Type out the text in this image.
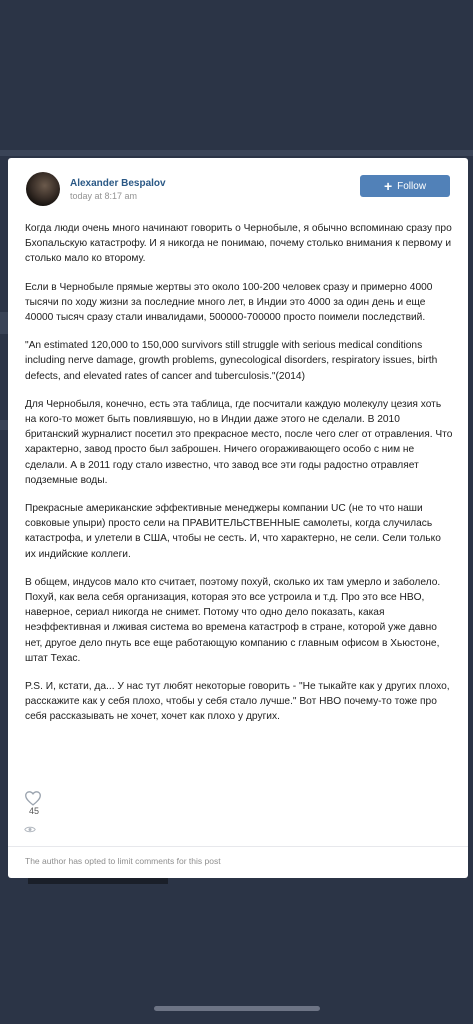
Alexander Bespalov
today at 8:17 am
+ Follow

Когда люди очень много начинают говорить о Чернобыле, я обычно вспоминаю сразу про Бхопальскую катастрофу. И я никогда не понимаю, почему столько внимания к первому и столько мало ко второму.

Если в Чернобыле прямые жертвы это около 100-200 человек сразу и примерно 4000 тысячи по ходу жизни за последние много лет, в Индии это 4000 за один день и еще 40000 тысяч сразу стали инвалидами, 500000-700000 просто поимели последствий.

"An estimated 120,000 to 150,000 survivors still struggle with serious medical conditions including nerve damage, growth problems, gynecological disorders, respiratory issues, birth defects, and elevated rates of cancer and tuberculosis."(2014)

Для Чернобыля, конечно, есть эта таблица, где посчитали каждую молекулу цезия хоть на кого-то может быть повлиявшую, но в Индии даже этого не сделали. В 2010 британский журналист посетил это прекрасное место, после чего слег от отравления. Что характерно, завод просто был заброшен. Ничего огораживающего особо с ним не сделали. А в 2011 году стало известно, что завод все эти годы радостно отравляет подземные воды.

Прекрасные американские эффективные менеджеры компании UC (не то что наши совковые упыри) просто сели на ПРАВИТЕЛЬСТВЕННЫЕ самолеты, когда случилась катастрофа, и улетели в США, чтобы не сесть. И, что характерно, не сели. Сели только их индийские коллеги.

В общем, индусов мало кто считает, поэтому похуй, сколько их там умерло и заболело. Похуй, как вела себя организация, которая это все устроила и т.д. Про это все HBO, наверное, сериал никогда не снимет. Потому что одно дело показать, какая неэффективная и лживая система во времена катастроф в стране, которой уже давно нет, другое дело пнуть все еще работающую компанию с главным офисом в Хьюстоне, штат Техас.

P.S. И, кстати, да... У нас тут любят некоторые говорить - "Не тыкайте как у других плохо, расскажите как у себя плохо, чтобы у себя стало лучше." Вот HBO почему-то тоже про себя рассказывать не хочет, хочет как плохо у других.

45
The author has opted to limit comments for this post
